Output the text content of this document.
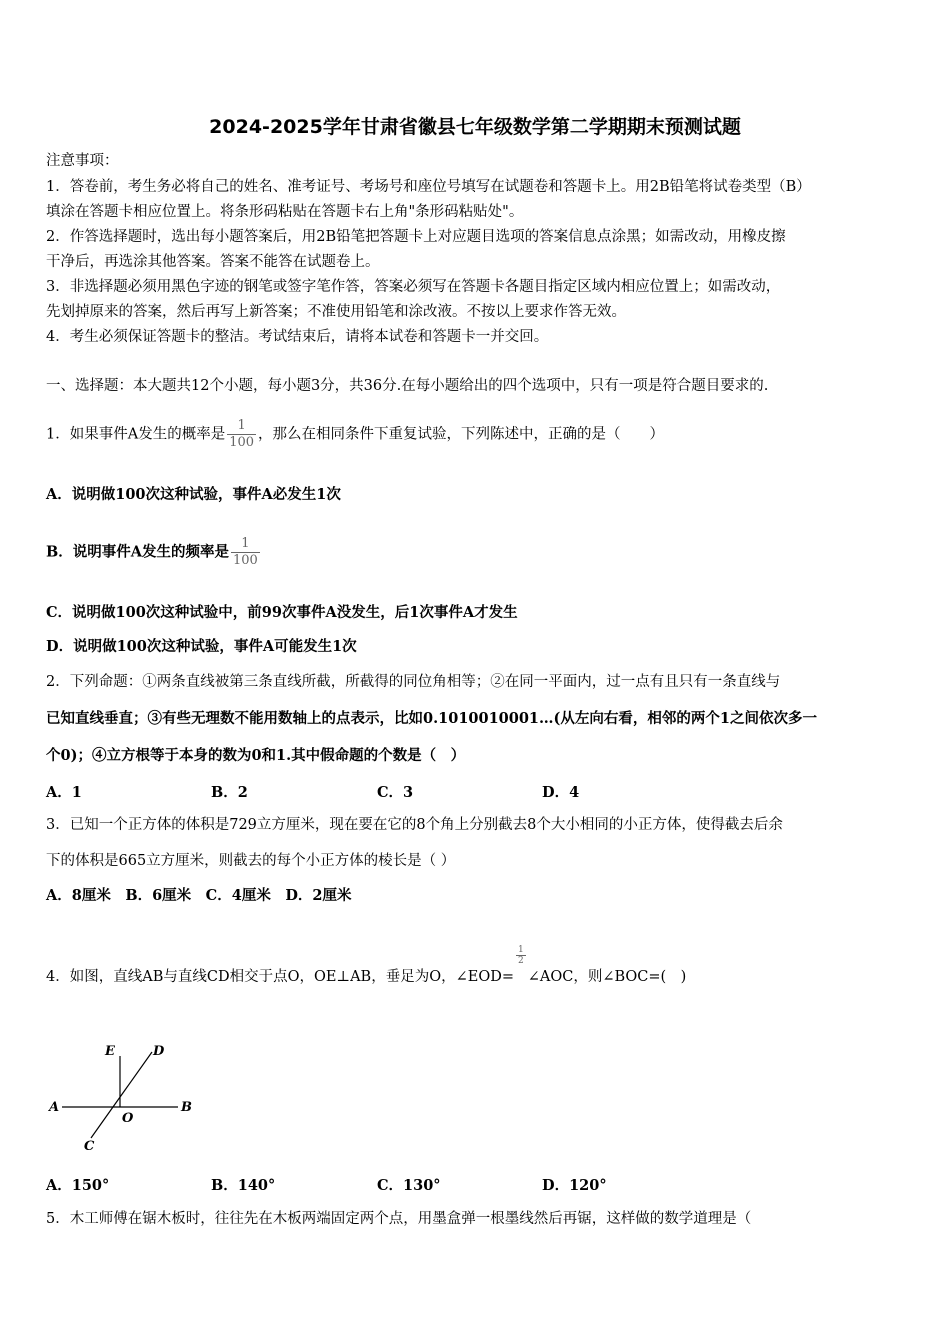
2024-2025学年甘肃省徽县七年级数学第二学期期末预测试题
注意事项：
1．答卷前，考生务必将自己的姓名、准考证号、考场号和座位号填写在试题卷和答题卡上。用2B铅笔将试卷类型（B）
填涂在答题卡相应位置上。将条形码粘贴在答题卡右上角"条形码粘贴处"。
2．作答选择题时，选出每小题答案后，用2B铅笔把答题卡上对应题目选项的答案信息点涂黑；如需改动，用橡皮擦
干净后，再选涂其他答案。答案不能答在试题卷上。
3．非选择题必须用黑色字迹的钢笔或签字笔作答，答案必须写在答题卡各题目指定区域内相应位置上；如需改动，
先划掉原来的答案，然后再写上新答案；不准使用铅笔和涂改液。不按以上要求作答无效。
4．考生必须保证答题卡的整洁。考试结束后，请将本试卷和答题卡一并交回。
一、选择题：本大题共12个小题，每小题3分，共36分.在每小题给出的四个选项中，只有一项是符合题目要求的.
1．如果事件A发生的概率是 $\frac{1}{100}$ ，那么在相同条件下重复试验，下列陈述中，正确的是（　　）
A．说明做100次这种试验，事件A必发生1次
B．说明事件A发生的频率是 $\frac{1}{100}$
C．说明做100次这种试验中，前99次事件A没发生，后1次事件A才发生
D．说明做100次这种试验，事件A可能发生1次
2．下列命题：①两条直线被第三条直线所截，所截得的同位角相等；②在同一平面内，过一点有且只有一条直线与
已知直线垂直；③有些无理数不能用数轴上的点表示，比如0.1010010001…(从左向右看，相邻的两个1之间依次多一
个0)；④立方根等于本身的数为0和1.其中假命题的个数是（　）
A．1	B．2	C．3	D．4
3．已知一个正方体的体积是729立方厘米，现在要在它的8个角上分别截去8个大小相同的小正方体，使得截去后余
下的体积是665立方厘米，则截去的每个小正方体的棱长是（ ）
A．8厘米　B．6厘米　C．4厘米　D．2厘米
4．如图，直线AB与直线CD相交于点O，OE⊥AB，垂足为O，∠EOD=
$\frac{1}{2}$
∠AOC，则∠BOC=(　)
E	D
A
O
B
C
A．150°	B．140°	C．130°	D．120°
5．木工师傅在锯木板时，往往先在木板两端固定两个点，用墨盒弹一根墨线然后再锯，这样做的数学道理是（
